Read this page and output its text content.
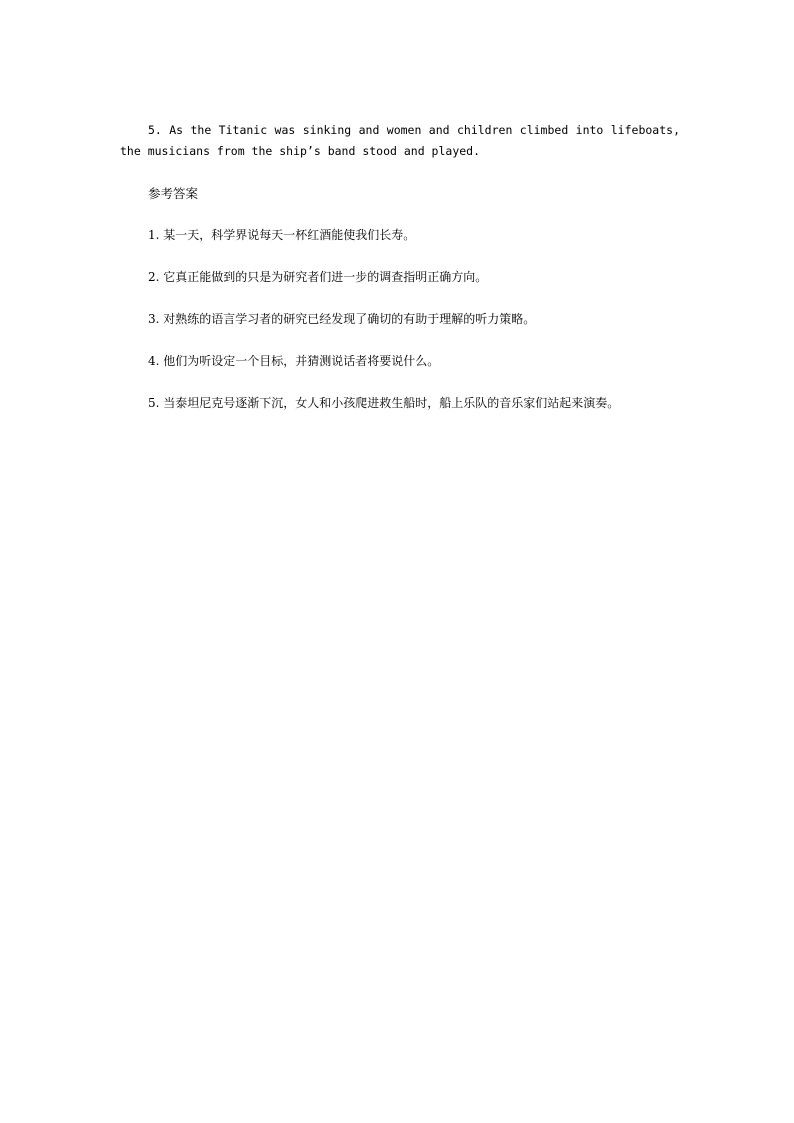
5. As the Titanic was sinking and women and children climbed into lifeboats, the musicians from the ship’s band stood and played.

参考答案

1. 某一天，科学界说每天一杯红酒能使我们长寿。

2. 它真正能做到的只是为研究者们进一步的调查指明正确方向。

3. 对熟练的语言学习者的研究已经发现了确切的有助于理解的听力策略。

4. 他们为听设定一个目标，并猜测说话者将要说什么。

5. 当泰坦尼克号逐渐下沉，女人和小孩爬进救生船时，船上乐队的音乐家们站起来演奏。
